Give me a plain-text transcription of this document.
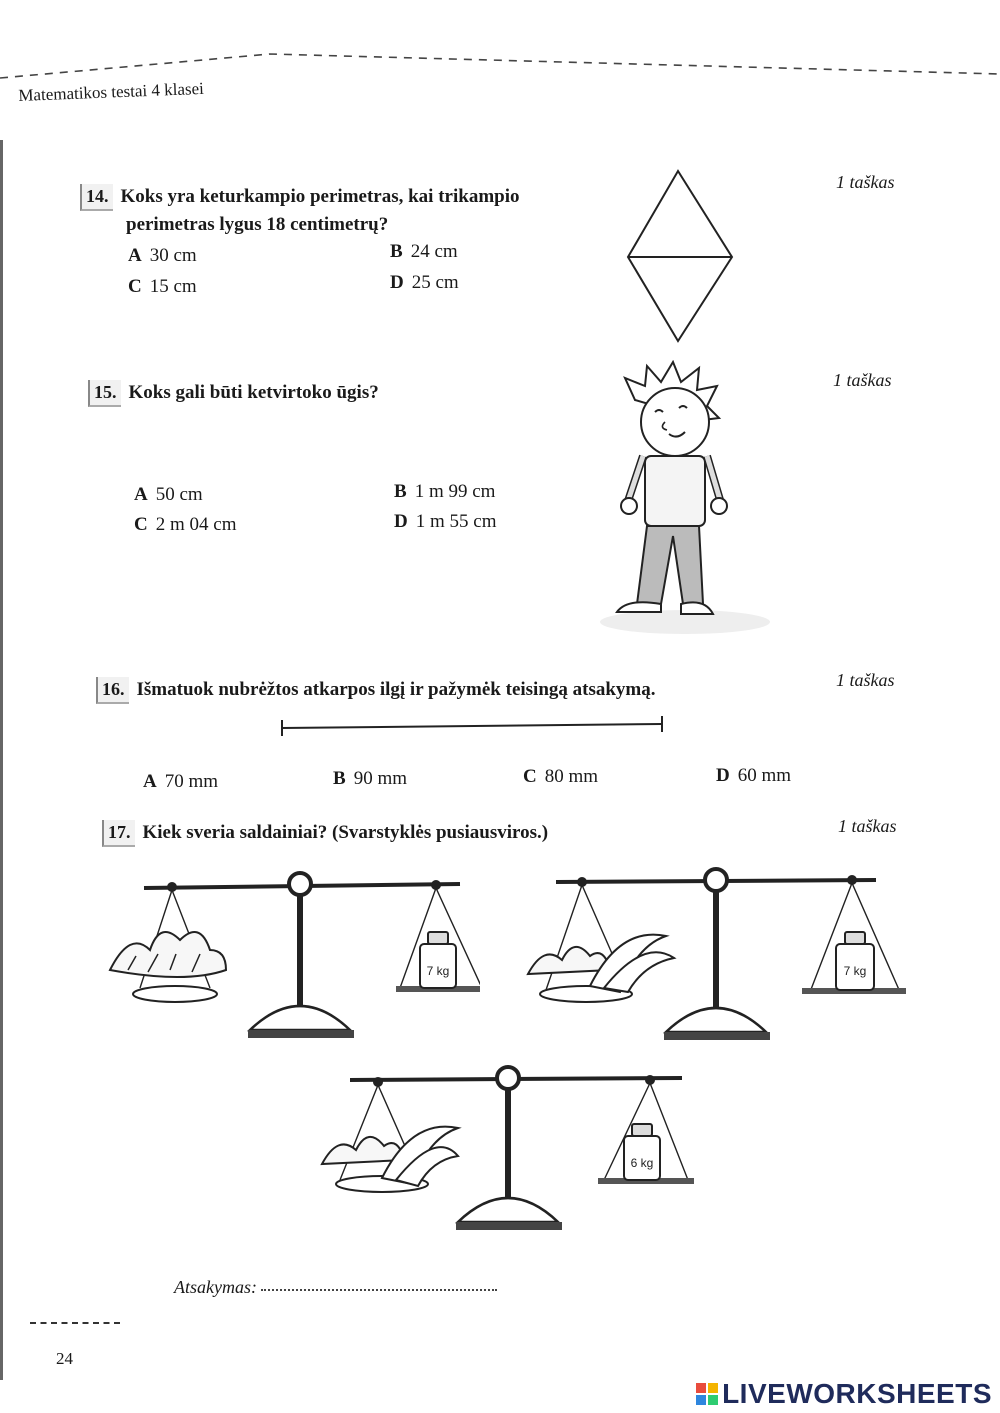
Matematikos testai 4 klasei
14. Koks yra keturkampio perimetras, kai trikampio
perimetras lygus 18 centimetrų?
1 taškas
A 30 cm	B 24 cm
C 15 cm	D 25 cm
15. Koks gali būti ketvirtoko ūgis?
1 taškas
A 50 cm	B 1 m 99 cm
C 2 m 04 cm	D 1 m 55 cm
16. Išmatuok nubrėžtos atkarpos ilgį ir pažymėk teisingą atsakymą.	1 taškas
A 70 mm	B 90 mm	C 80 mm	D 60 mm
17. Kiek sveria saldainiai? (Svarstyklės pusiausviros.)	1 taškas
7 kg	7 kg
6 kg
Atsakymas:
24
LIVEWORKSHEETS
